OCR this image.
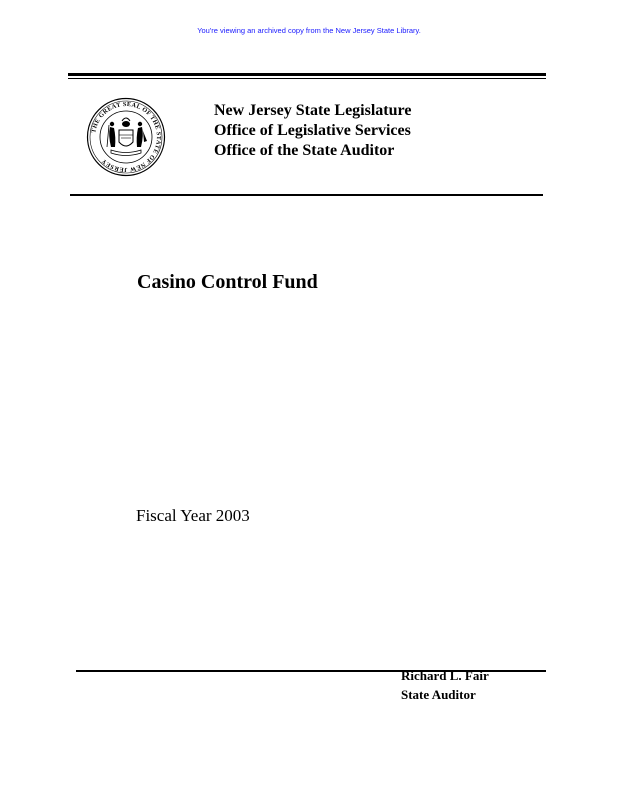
You're viewing an archived copy from the New Jersey State Library.
THE GREAT SEAL OF THE STATE OF NEW JERSEY
New Jersey State Legislature
Office of Legislative Services
Office of the State Auditor
Casino Control Fund
Fiscal Year 2003
Richard L. Fair
State Auditor
